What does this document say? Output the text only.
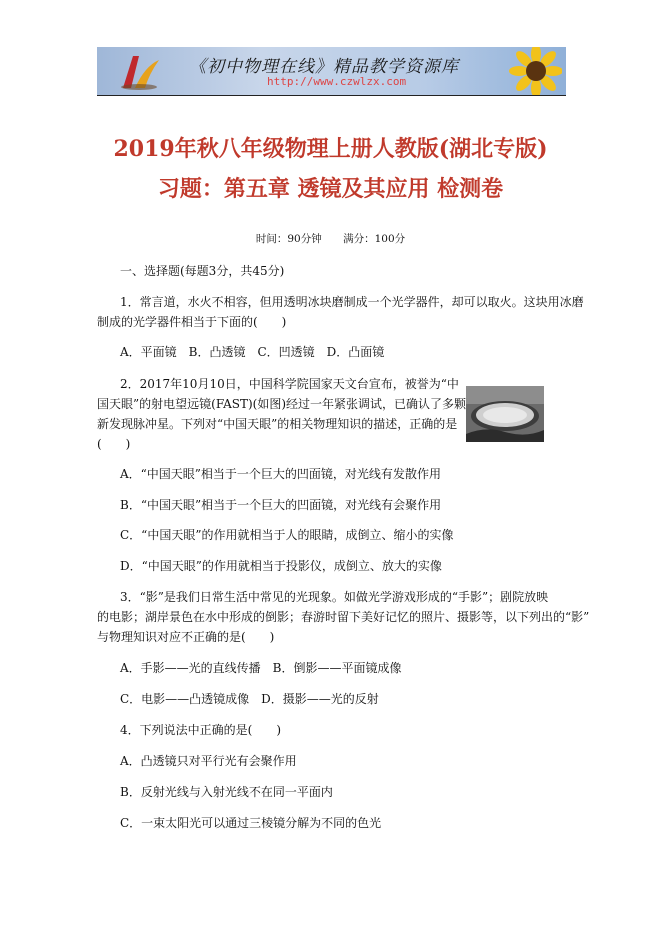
《初中物理在线》精品教学资源库
http://www.czwlzx.com
2019年秋八年级物理上册人教版(湖北专版)
习题：第五章 透镜及其应用 检测卷
时间：90分钟 满分：100分
一、选择题(每题3分，共45分)
1．常言道，水火不相容，但用透明冰块磨制成一个光学器件，却可以取火。这块用冰磨
制成的光学器件相当于下面的(　　)
A．平面镜　B．凸透镜　C．凹透镜　D．凸面镜
2．2017年10月10日，中国科学院国家天文台宣布，被誉为“中
国天眼”的射电望远镜(FAST)(如图)经过一年紧张调试，已确认了多颗
新发现脉冲星。下列对“中国天眼”的相关物理知识的描述，正确的是
(　　)
A．“中国天眼”相当于一个巨大的凹面镜，对光线有发散作用
B．“中国天眼”相当于一个巨大的凹面镜，对光线有会聚作用
C．“中国天眼”的作用就相当于人的眼睛，成倒立、缩小的实像
D．“中国天眼”的作用就相当于投影仪，成倒立、放大的实像
3．“影”是我们日常生活中常见的光现象。如做光学游戏形成的“手影”；剧院放映
的电影；湖岸景色在水中形成的倒影；春游时留下美好记忆的照片、摄影等，以下列出的“影”
与物理知识对应不正确的是(　　)
A．手影——光的直线传播　B．倒影——平面镜成像
C．电影——凸透镜成像　D．摄影——光的反射
4．下列说法中正确的是(　　)
A．凸透镜只对平行光有会聚作用
B．反射光线与入射光线不在同一平面内
C．一束太阳光可以通过三棱镜分解为不同的色光
